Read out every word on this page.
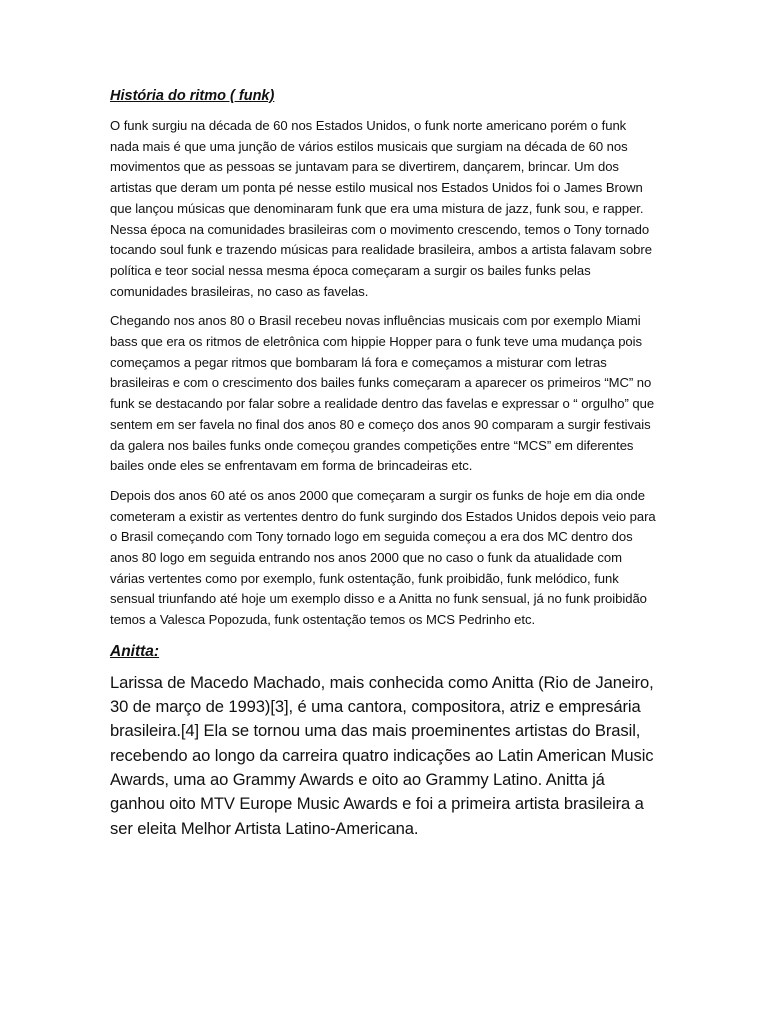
História do ritmo ( funk)

O funk surgiu na década de 60 nos Estados Unidos, o funk norte americano porém o funk nada mais é que uma junção de vários estilos musicais que surgiam na década de 60 nos movimentos que as pessoas se juntavam para se divertirem, dançarem, brincar. Um dos artistas que deram um ponta pé nesse estilo musical nos Estados Unidos foi o James Brown que lançou músicas que denominaram funk que era uma mistura de jazz, funk sou, e rapper. Nessa época na comunidades brasileiras com o movimento crescendo, temos o Tony tornado tocando soul funk e trazendo músicas para realidade brasileira, ambos a artista falavam sobre política e teor social nessa mesma época começaram a surgir os bailes funks pelas comunidades brasileiras, no caso as favelas.

Chegando nos anos 80 o Brasil recebeu novas influências musicais com por exemplo Miami bass que era os ritmos de eletrônica com hippie Hopper para o funk teve uma mudança pois começamos a pegar ritmos que bombaram lá fora e começamos a misturar com letras brasileiras e com o crescimento dos bailes funks começaram a aparecer os primeiros “MC” no funk se destacando por falar sobre a realidade dentro das favelas e expressar o “ orgulho” que sentem em ser favela no final dos anos 80 e começo dos anos 90 comparam a surgir festivais da galera nos bailes funks onde começou grandes competições entre “MCS” em diferentes bailes onde eles se enfrentavam em forma de brincadeiras etc.

Depois dos anos 60 até os anos 2000 que começaram a surgir os funks de hoje em dia onde cometeram a existir as vertentes dentro do funk surgindo dos Estados Unidos depois veio para o Brasil começando com Tony tornado logo em seguida começou a era dos MC dentro dos anos 80 logo em seguida entrando nos anos 2000 que no caso o funk da atualidade com várias vertentes como por exemplo, funk ostentação, funk proibidão, funk melódico, funk sensual triunfando até hoje um exemplo disso e a Anitta no funk sensual, já no funk proibidão temos a Valesca Popozuda, funk ostentação temos os MCS Pedrinho etc.

Anitta:

Larissa de Macedo Machado, mais conhecida como Anitta (Rio de Janeiro, 30 de março de 1993)[3], é uma cantora, compositora, atriz e empresária brasileira.[4] Ela se tornou uma das mais proeminentes artistas do Brasil, recebendo ao longo da carreira quatro indicações ao Latin American Music Awards, uma ao Grammy Awards e oito ao Grammy Latino. Anitta já ganhou oito MTV Europe Music Awards e foi a primeira artista brasileira a ser eleita Melhor Artista Latino-Americana.
